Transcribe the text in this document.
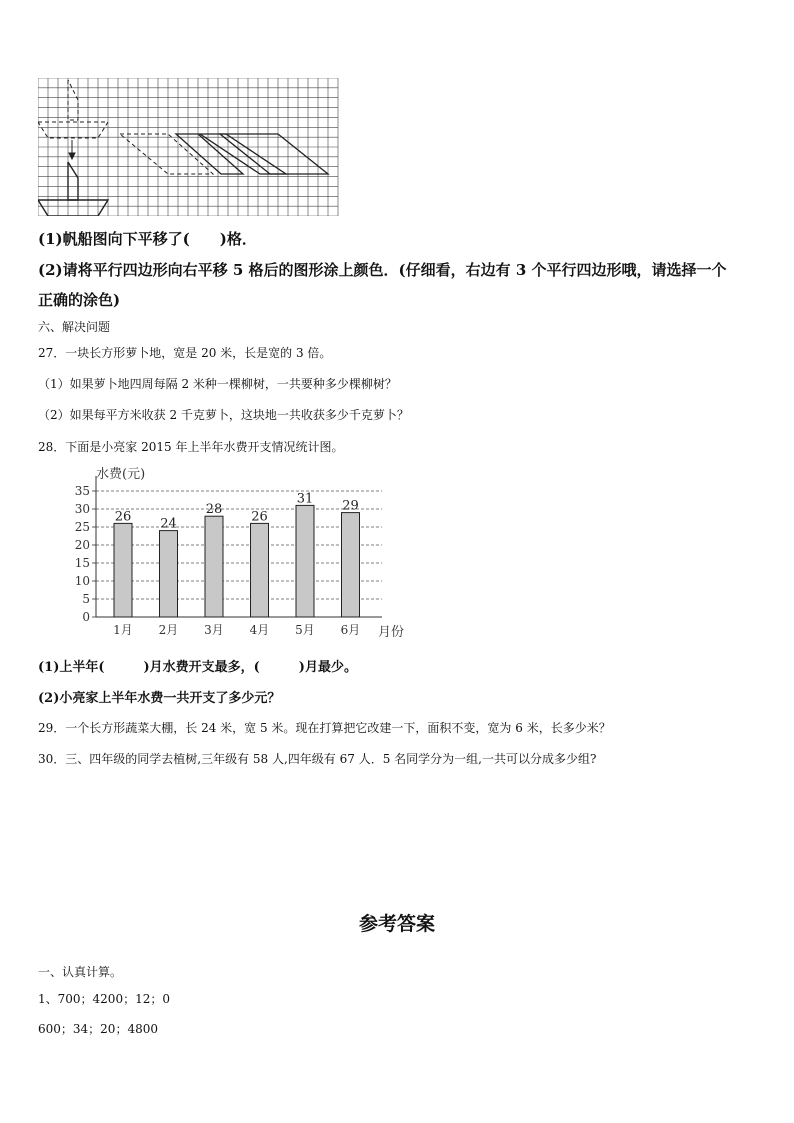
(1)帆船图向下平移了(　　)格．
(2)请将平行四边形向右平移 5 格后的图形涂上颜色．(仔细看，右边有 3 个平行四边形哦，请选择一个
正确的涂色)
六、解决问题
27．一块长方形萝卜地，宽是 20 米，长是宽的 3 倍。
（1）如果萝卜地四周每隔 2 米种一棵柳树，一共要种多少棵柳树？
（2）如果每平方米收获 2 千克萝卜，这块地一共收获多少千克萝卜？
28．下面是小亮家 2015 年上半年水费开支情况统计图。
水费(元)
月份
26 24
28 26
31 29
0
5
10
15
20
25
30
35
1月 2月 3月 4月 5月 6月
(1)上半年(　　　)月水费开支最多，(　　　)月最少。
(2)小亮家上半年水费一共开支了多少元？
29．一个长方形蔬菜大棚，长 24 米，宽 5 米。现在打算把它改建一下，面积不变，宽为 6 米，长多少米？
30．三、四年级的同学去植树,三年级有 58 人,四年级有 67 人．5 名同学分为一组,一共可以分成多少组?
参考答案
一、认真计算。
1、700；4200；12；0
600；34；20；4800
